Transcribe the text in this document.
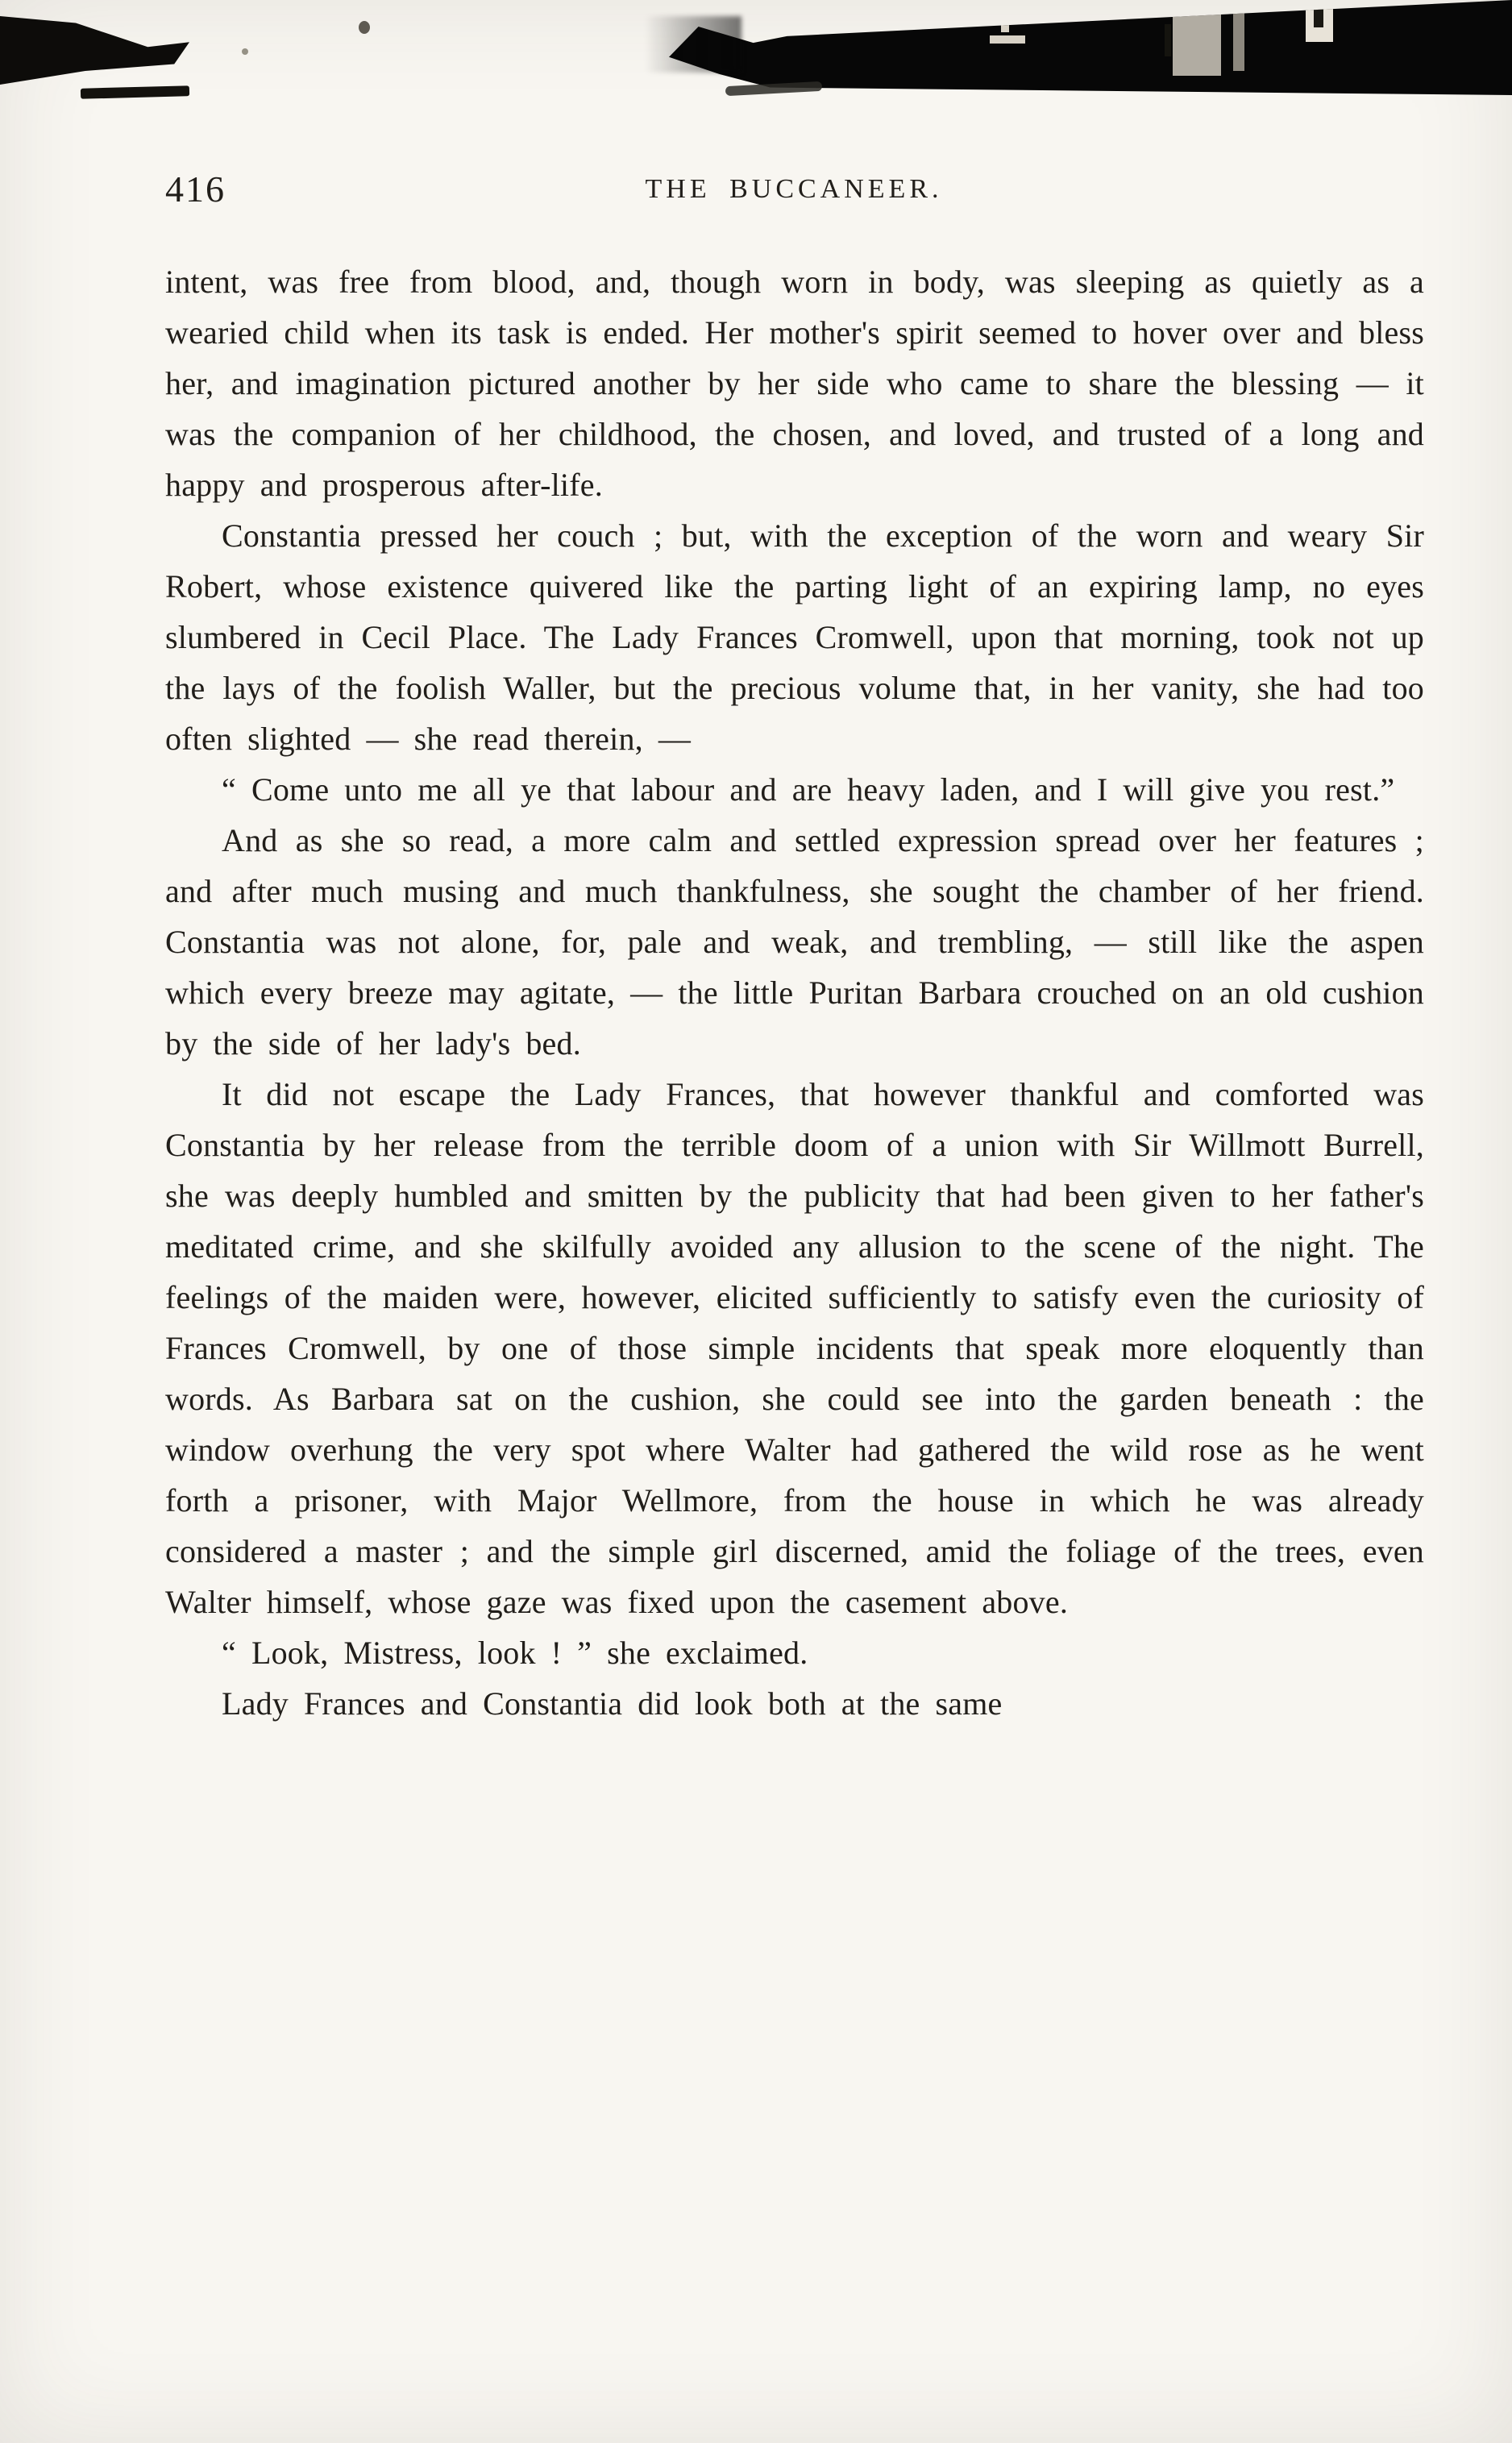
416	THE BUCCANEER.

intent, was free from blood, and, though worn in body, was sleeping as quietly as a wearied child when its task is ended. Her mother's spirit seemed to hover over and bless her, and imagination pictured another by her side who came to share the blessing — it was the companion of her childhood, the chosen, and loved, and trusted of a long and happy and prosperous after-life.

Constantia pressed her couch ; but, with the exception of the worn and weary Sir Robert, whose existence quivered like the parting light of an expiring lamp, no eyes slumbered in Cecil Place. The Lady Frances Cromwell, upon that morning, took not up the lays of the foolish Waller, but the precious volume that, in her vanity, she had too often slighted — she read therein, —

“ Come unto me all ye that labour and are heavy laden, and I will give you rest.”

And as she so read, a more calm and settled expression spread over her features ; and after much musing and much thankfulness, she sought the chamber of her friend. Constantia was not alone, for, pale and weak, and trembling, — still like the aspen which every breeze may agitate, — the little Puritan Barbara crouched on an old cushion by the side of her lady's bed.

It did not escape the Lady Frances, that however thankful and comforted was Constantia by her release from the terrible doom of a union with Sir Willmott Burrell, she was deeply humbled and smitten by the publicity that had been given to her father's meditated crime, and she skilfully avoided any allusion to the scene of the night. The feelings of the maiden were, however, elicited sufficiently to satisfy even the curiosity of Frances Cromwell, by one of those simple incidents that speak more eloquently than words. As Barbara sat on the cushion, she could see into the garden beneath : the window overhung the very spot where Walter had gathered the wild rose as he went forth a prisoner, with Major Wellmore, from the house in which he was already considered a master ; and the simple girl discerned, amid the foliage of the trees, even Walter himself, whose gaze was fixed upon the casement above.

“ Look, Mistress, look ! ” she exclaimed.

Lady Frances and Constantia did look both at the same
